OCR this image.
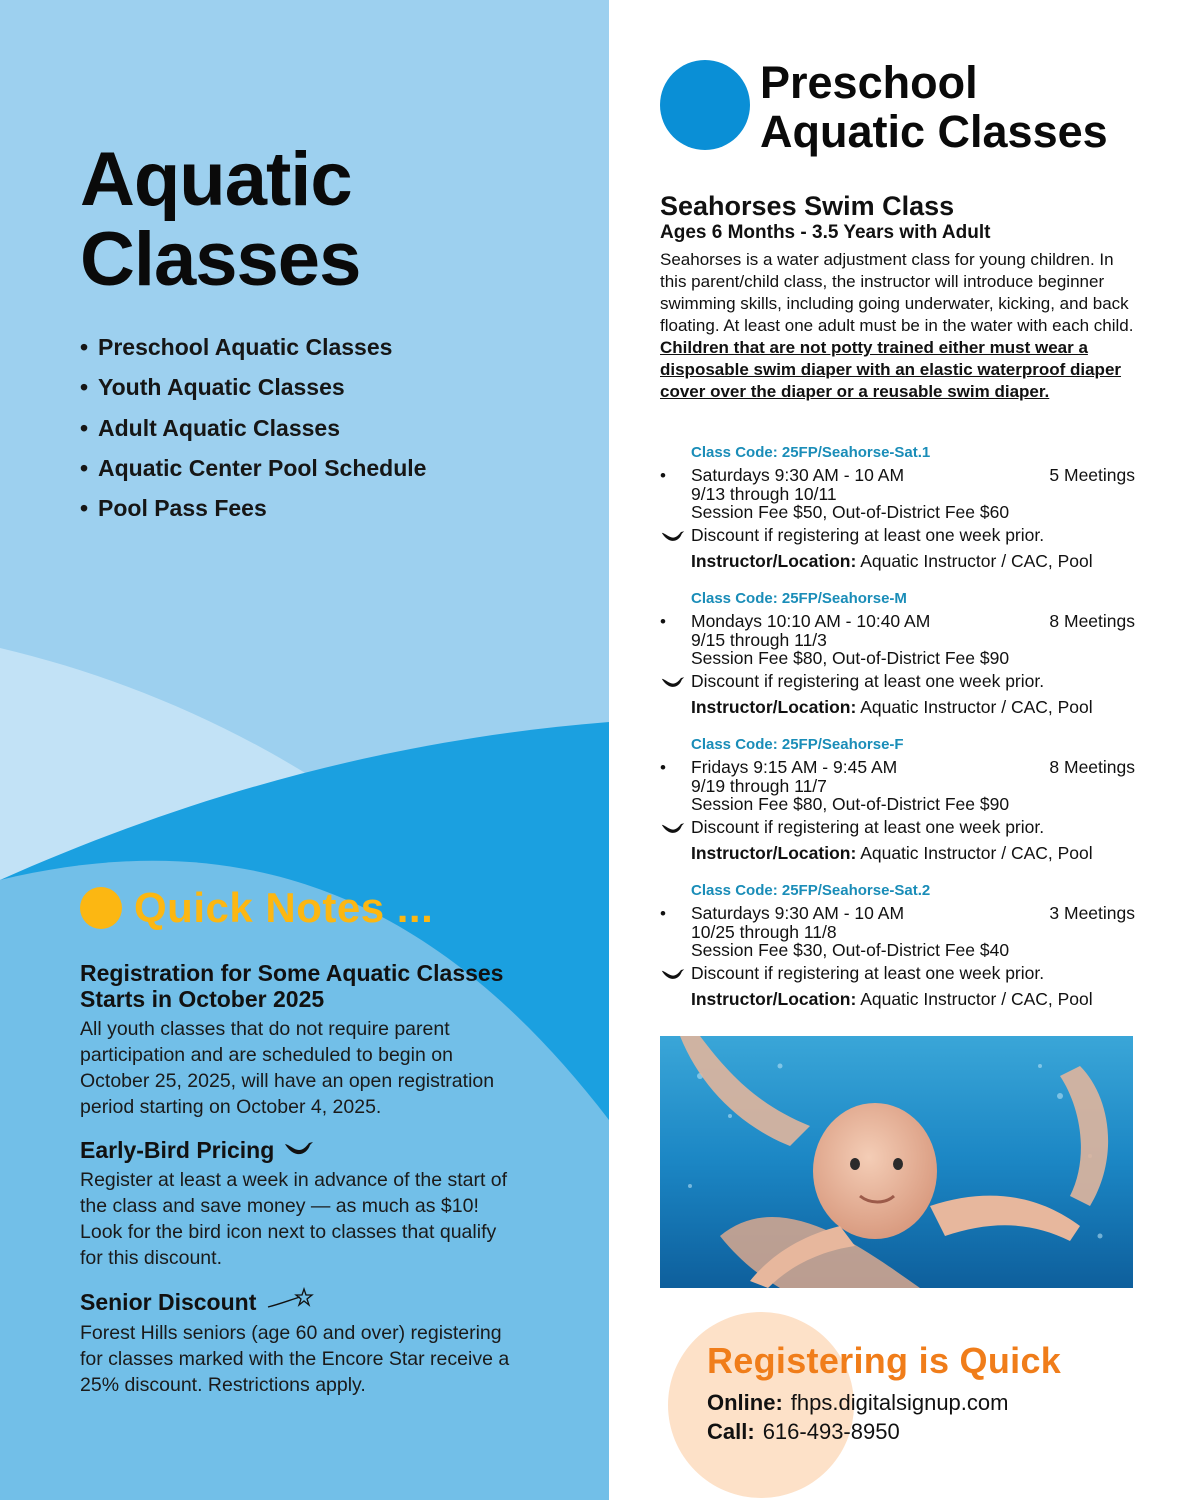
Aquatic
Classes
• Preschool Aquatic Classes
• Youth Aquatic Classes
• Adult Aquatic Classes
• Aquatic Center Pool Schedule
• Pool Pass Fees
Quick Notes ...
Registration for Some Aquatic Classes Starts in October 2025

All youth classes that do not require parent participation and are scheduled to begin on October 25, 2025, will have an open registration period starting on October 4, 2025.

Early-Bird Pricing

Register at least a week in advance of the start of the class and save money — as much as $10! Look for the bird icon next to classes that qualify for this discount.

Senior Discount

Forest Hills seniors (age 60 and over) registering for classes marked with the Encore Star receive a 25% discount. Restrictions apply.

Preschool
Aquatic Classes
Seahorses Swim Class
Ages 6 Months - 3.5 Years with Adult

Seahorses is a water adjustment class for young children. In this parent/child class, the instructor will introduce beginner swimming skills, including going underwater, kicking, and back floating. At least one adult must be in the water with each child. Children that are not potty trained either must wear a disposable swim diaper with an elastic waterproof diaper cover over the diaper or a reusable swim diaper.

Class Code: 25FP/Seahorse-Sat.1
• Saturdays 9:30 AM - 10 AM	5 Meetings
9/13 through 10/11
Session Fee $50, Out-of-District Fee $60
Discount if registering at least one week prior.
Instructor/Location: Aquatic Instructor / CAC, Pool
Class Code: 25FP/Seahorse-M
• Mondays 10:10 AM - 10:40 AM	8 Meetings
9/15 through 11/3
Session Fee $80, Out-of-District Fee $90
Discount if registering at least one week prior.
Instructor/Location: Aquatic Instructor / CAC, Pool
Class Code: 25FP/Seahorse-F
• Fridays 9:15 AM - 9:45 AM	8 Meetings
9/19 through 11/7
Session Fee $80, Out-of-District Fee $90
Discount if registering at least one week prior.
Instructor/Location: Aquatic Instructor / CAC, Pool
Class Code: 25FP/Seahorse-Sat.2
• Saturdays 9:30 AM - 10 AM	3 Meetings
10/25 through 11/8
Session Fee $30, Out-of-District Fee $40
Discount if registering at least one week prior.
Instructor/Location: Aquatic Instructor / CAC, Pool
Registering is Quick
Online: fhps.digitalsignup.com
Call: 616-493-8950
